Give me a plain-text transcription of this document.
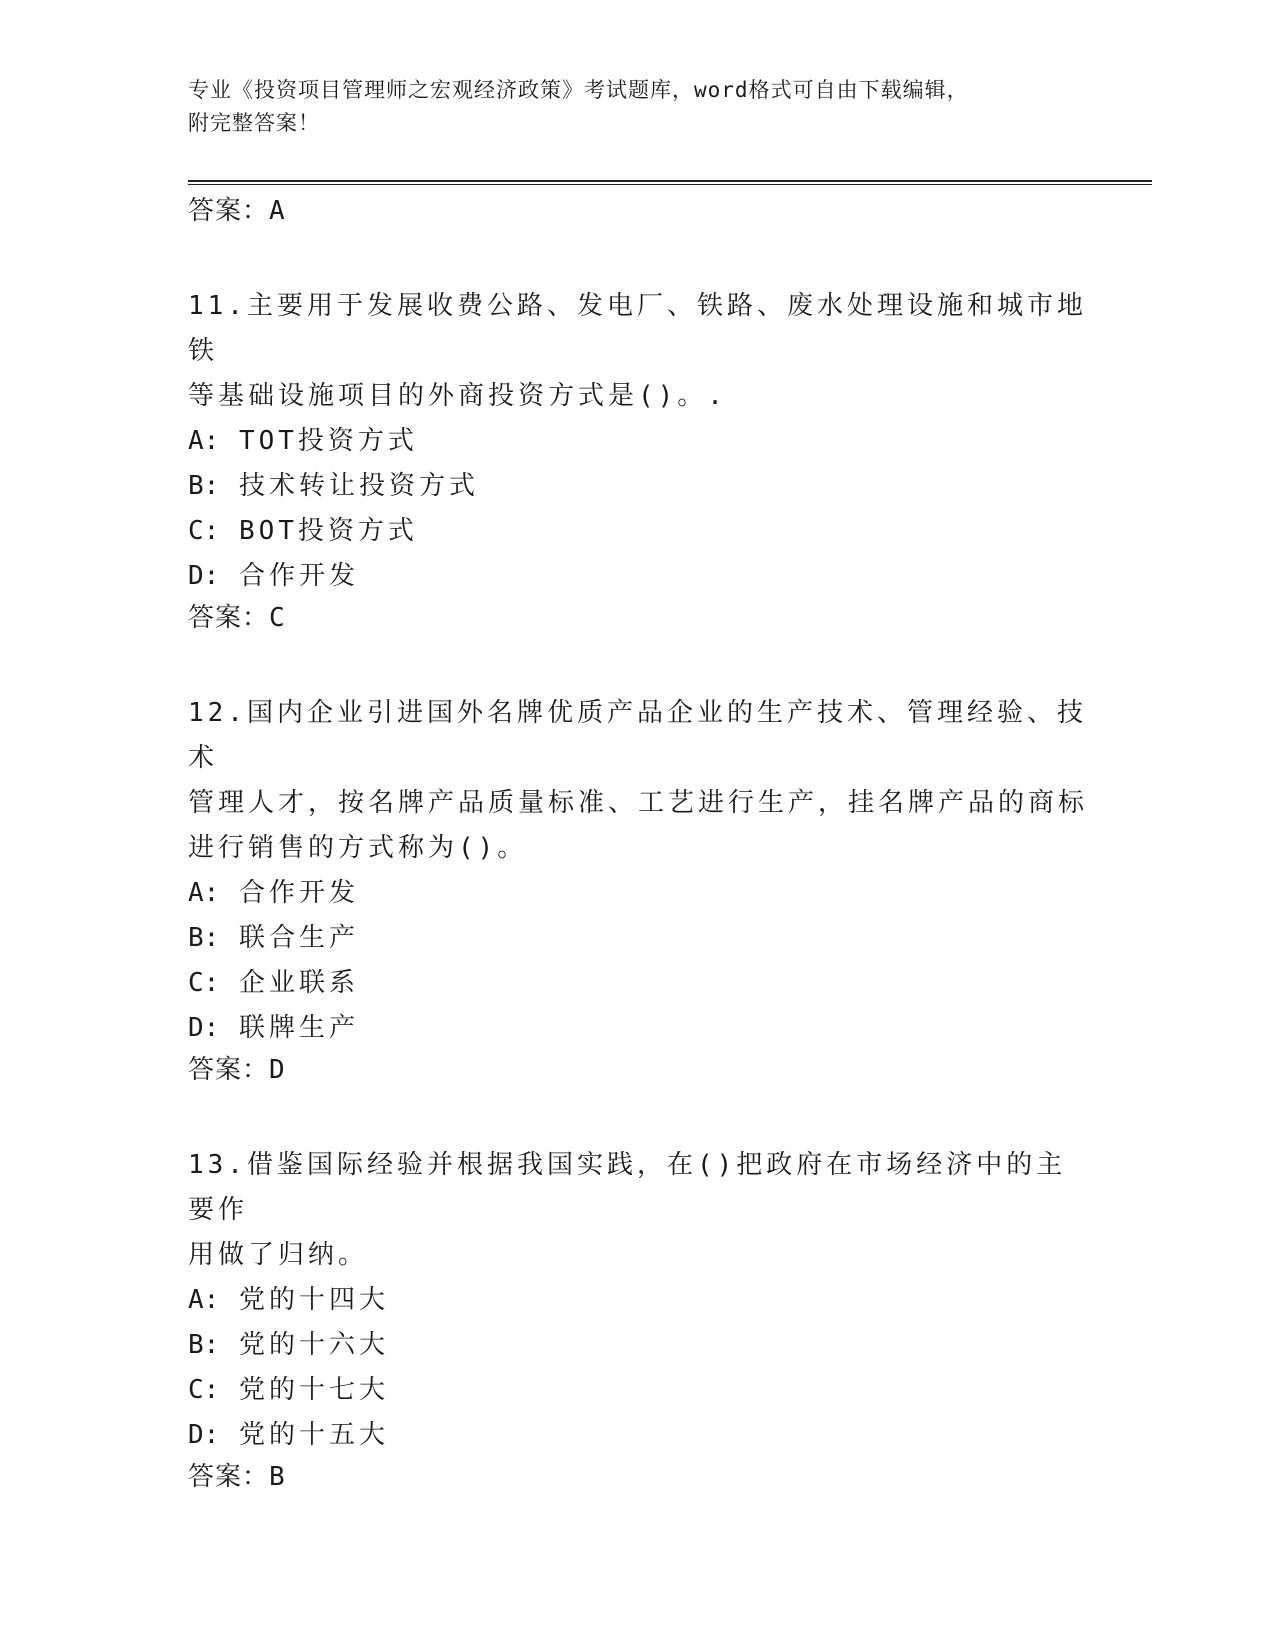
专业《投资项目管理师之宏观经济政策》考试题库，word格式可自由下载编辑，
附完整答案！
答案：A
11.主要用于发展收费公路、发电厂、铁路、废水处理设施和城市地铁
等基础设施项目的外商投资方式是()。.
A: TOT投资方式
B: 技术转让投资方式
C: BOT投资方式
D: 合作开发
答案：C
12.国内企业引进国外名牌优质产品企业的生产技术、管理经验、技术
管理人才，按名牌产品质量标准、工艺进行生产，挂名牌产品的商标
进行销售的方式称为()。
A: 合作开发
B: 联合生产
C: 企业联系
D: 联牌生产
答案：D
13.借鉴国际经验并根据我国实践，在()把政府在市场经济中的主要作
用做了归纳。
A: 党的十四大
B: 党的十六大
C: 党的十七大
D: 党的十五大
答案：B
